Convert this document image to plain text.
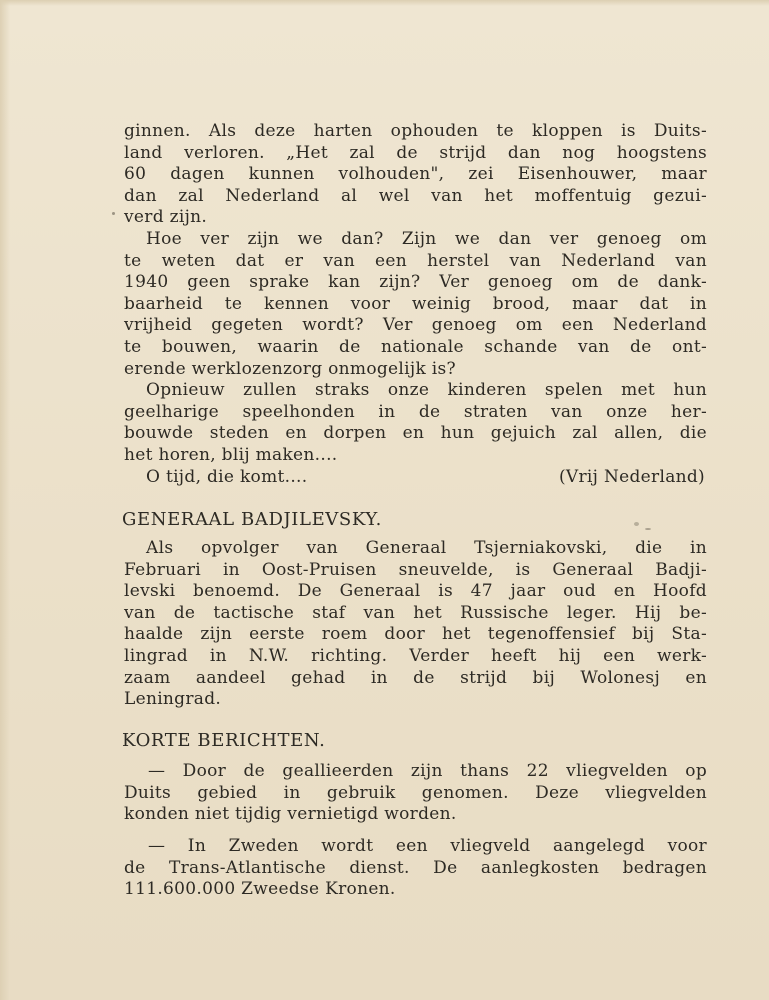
ginnen. Als deze harten ophouden te kloppen is Duits-
land verloren. „Het zal de strijd dan nog hoogstens
60 dagen kunnen volhouden", zei Eisenhouwer, maar
dan zal Nederland al wel van het moffentuig gezui-
verd zijn.
Hoe ver zijn we dan? Zijn we dan ver genoeg om
te weten dat er van een herstel van Nederland van
1940 geen sprake kan zijn? Ver genoeg om de dank-
baarheid te kennen voor weinig brood, maar dat in
vrijheid gegeten wordt? Ver genoeg om een Nederland
te bouwen, waarin de nationale schande van de ont-
erende werklozenzorg onmogelijk is?
Opnieuw zullen straks onze kinderen spelen met hun
geelharige speelhonden in de straten van onze her-
bouwde steden en dorpen en hun gejuich zal allen, die
het horen, blij maken....
O tijd, die komt....	(Vrij Nederland)
GENERAAL BADJILEVSKY.
Als opvolger van Generaal Tsjerniakovski, die in
Februari in Oost-Pruisen sneuvelde, is Generaal Badji-
levski benoemd. De Generaal is 47 jaar oud en Hoofd
van de tactische staf van het Russische leger. Hij be-
haalde zijn eerste roem door het tegenoffensief bij Sta-
lingrad in N.W. richting. Verder heeft hij een werk-
zaam aandeel gehad in de strijd bij Wolonesj en
Leningrad.
KORTE BERICHTEN.
— Door de geallieerden zijn thans 22 vliegvelden op
Duits gebied in gebruik genomen. Deze vliegvelden
konden niet tijdig vernietigd worden.
— In Zweden wordt een vliegveld aangelegd voor
de Trans-Atlantische dienst. De aanlegkosten bedragen
111.600.000 Zweedse Kronen.
